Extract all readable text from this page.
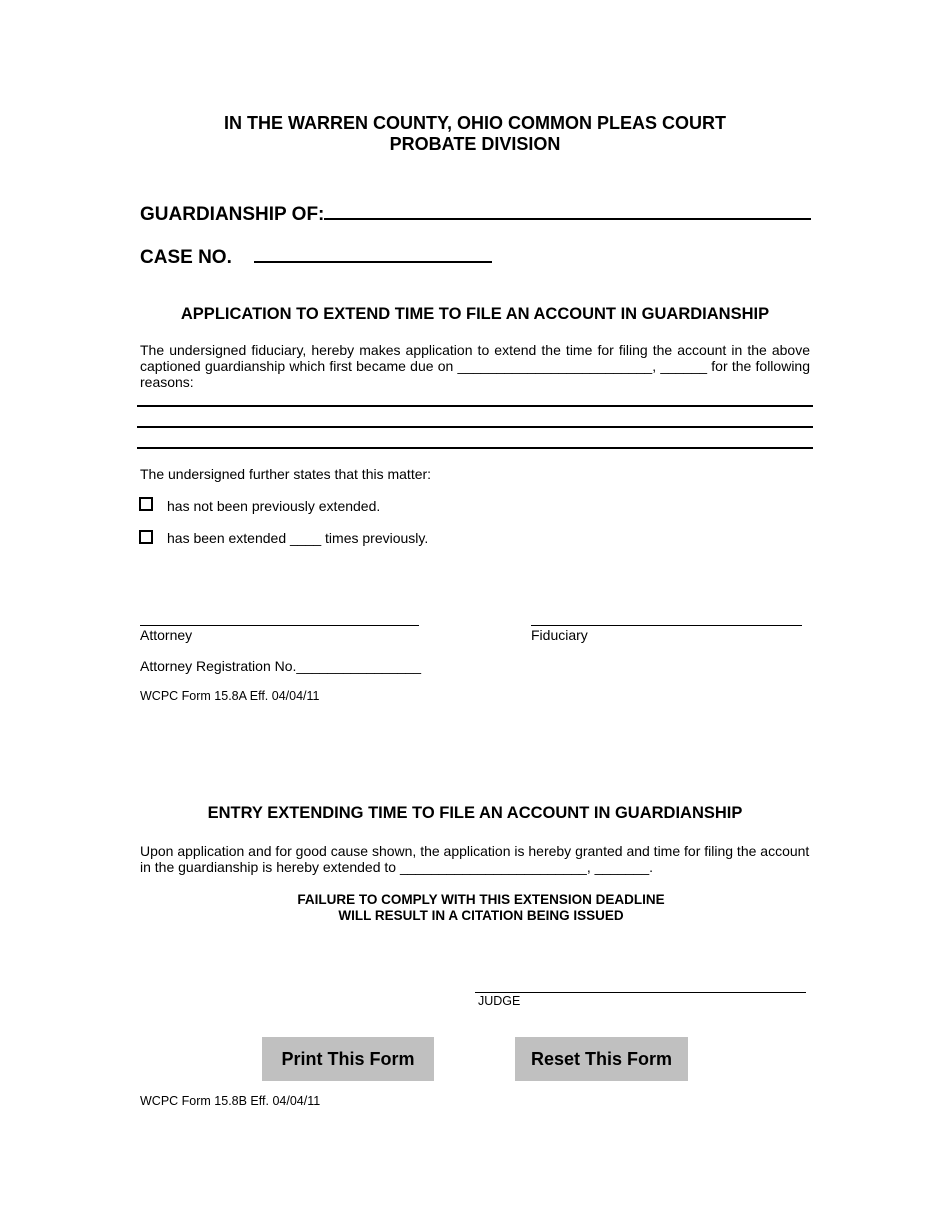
IN THE WARREN COUNTY, OHIO COMMON PLEAS COURT
PROBATE DIVISION
GUARDIANSHIP OF:
CASE NO.
APPLICATION TO EXTEND TIME TO FILE AN ACCOUNT IN GUARDIANSHIP
The undersigned fiduciary, hereby makes application to extend the time for filing the account in the above captioned guardianship which first became due on _________________________, ______ for the following reasons:
The undersigned further states that this matter:
has not been previously extended.
has been extended ____ times previously.
Attorney	Fiduciary
Attorney Registration No.________________
WCPC Form 15.8A Eff. 04/04/11
ENTRY EXTENDING TIME TO FILE AN ACCOUNT IN GUARDIANSHIP
Upon application and for good cause shown, the application is hereby granted and time for filing the account in the guardianship is hereby extended to ________________________, _______.
FAILURE TO COMPLY WITH THIS EXTENSION DEADLINE
WILL RESULT IN A CITATION BEING ISSUED
JUDGE
Print This Form	Reset This Form
WCPC Form 15.8B Eff. 04/04/11
